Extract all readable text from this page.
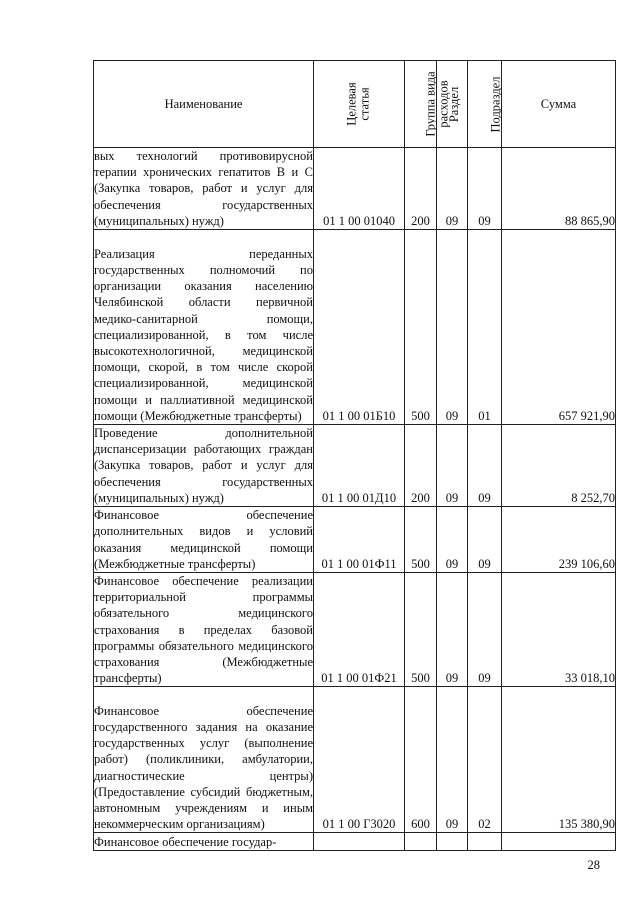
Наименование	Целевая статья	Группа вида расходов	Раздел	Подраздел	Сумма
вых технологий противовирусной терапии хронических гепатитов В и С (Закупка товаров, работ и услуг для обеспечения государственных (муниципальных) нужд)	01 1 00 01040	200	09	09	88 865,90
Реализация переданных государственных полномочий по организации оказания населению Челябинской области первичной медико-санитарной помощи, специализированной, в том числе высокотехнологичной, медицинской помощи, скорой, в том числе скорой специализированной, медицинской помощи и паллиативной медицинской помощи (Межбюджетные трансферты)	01 1 00 01Б10	500	09	01	657 921,90
Проведение дополнительной диспансеризации работающих граждан (Закупка товаров, работ и услуг для обеспечения государственных (муниципальных) нужд)	01 1 00 01Д10	200	09	09	8 252,70
Финансовое обеспечение дополнительных видов и условий оказания медицинской помощи (Межбюджетные трансферты)	01 1 00 01Ф11	500	09	09	239 106,60
Финансовое обеспечение реализации территориальной программы обязательного медицинского страхования в пределах базовой программы обязательного медицинского страхования (Межбюджетные трансферты)	01 1 00 01Ф21	500	09	09	33 018,10
Финансовое обеспечение государственного задания на оказание государственных услуг (выполнение работ) (поликлиники, амбулатории, диагностические центры) (Предоставление субсидий бюджетным, автономным учреждениям и иным некоммерческим организациям)	01 1 00 Г3020	600	09	02	135 380,90
Финансовое обеспечение государ-					
28
